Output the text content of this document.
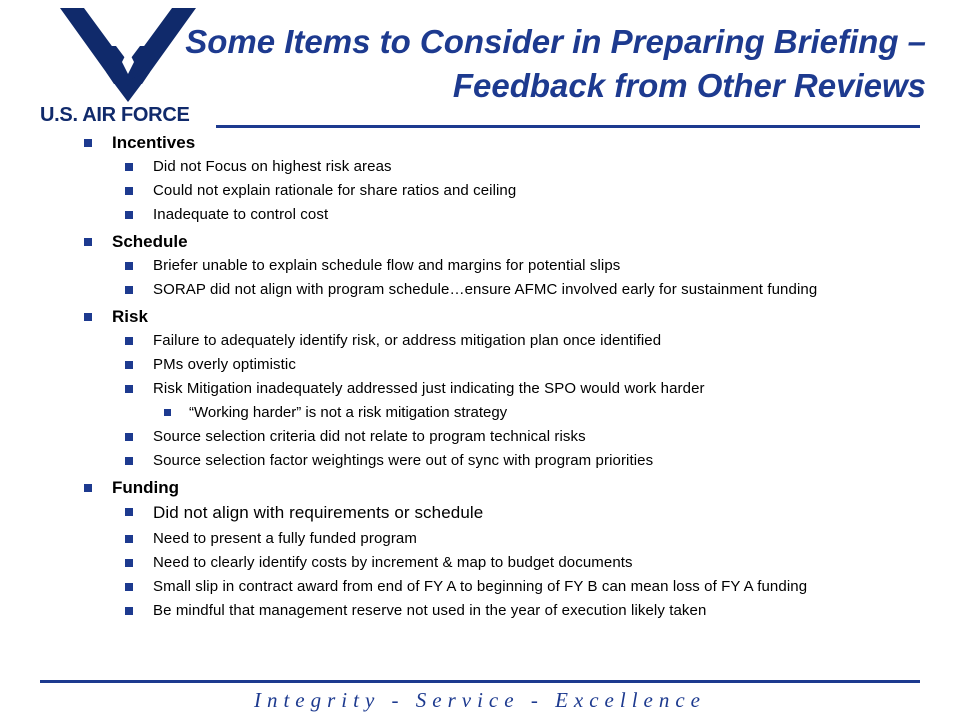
U.S. AIR FORCE
Some Items to Consider in Preparing Briefing –
Feedback from Other Reviews
Incentives
Did not Focus on highest risk areas
Could not explain rationale for share ratios and ceiling
Inadequate to control cost
Schedule
Briefer unable to explain schedule flow and margins for potential slips
SORAP did not align with program schedule…ensure AFMC involved early for sustainment funding
Risk
Failure to adequately identify risk, or address mitigation plan once identified
PMs overly optimistic
Risk Mitigation inadequately addressed just indicating the SPO would work harder
“Working harder” is not a risk mitigation strategy
Source selection criteria did not relate to program technical risks
Source selection factor weightings were out of sync with program priorities
Funding
Did not align with requirements or schedule
Need to present a fully funded program
Need to clearly identify costs by increment & map to budget documents
Small slip in contract award from end of FY A to beginning of FY B can mean loss of FY A funding
Be mindful that management reserve not used in the year of execution likely taken
Integrity - Service - Excellence
